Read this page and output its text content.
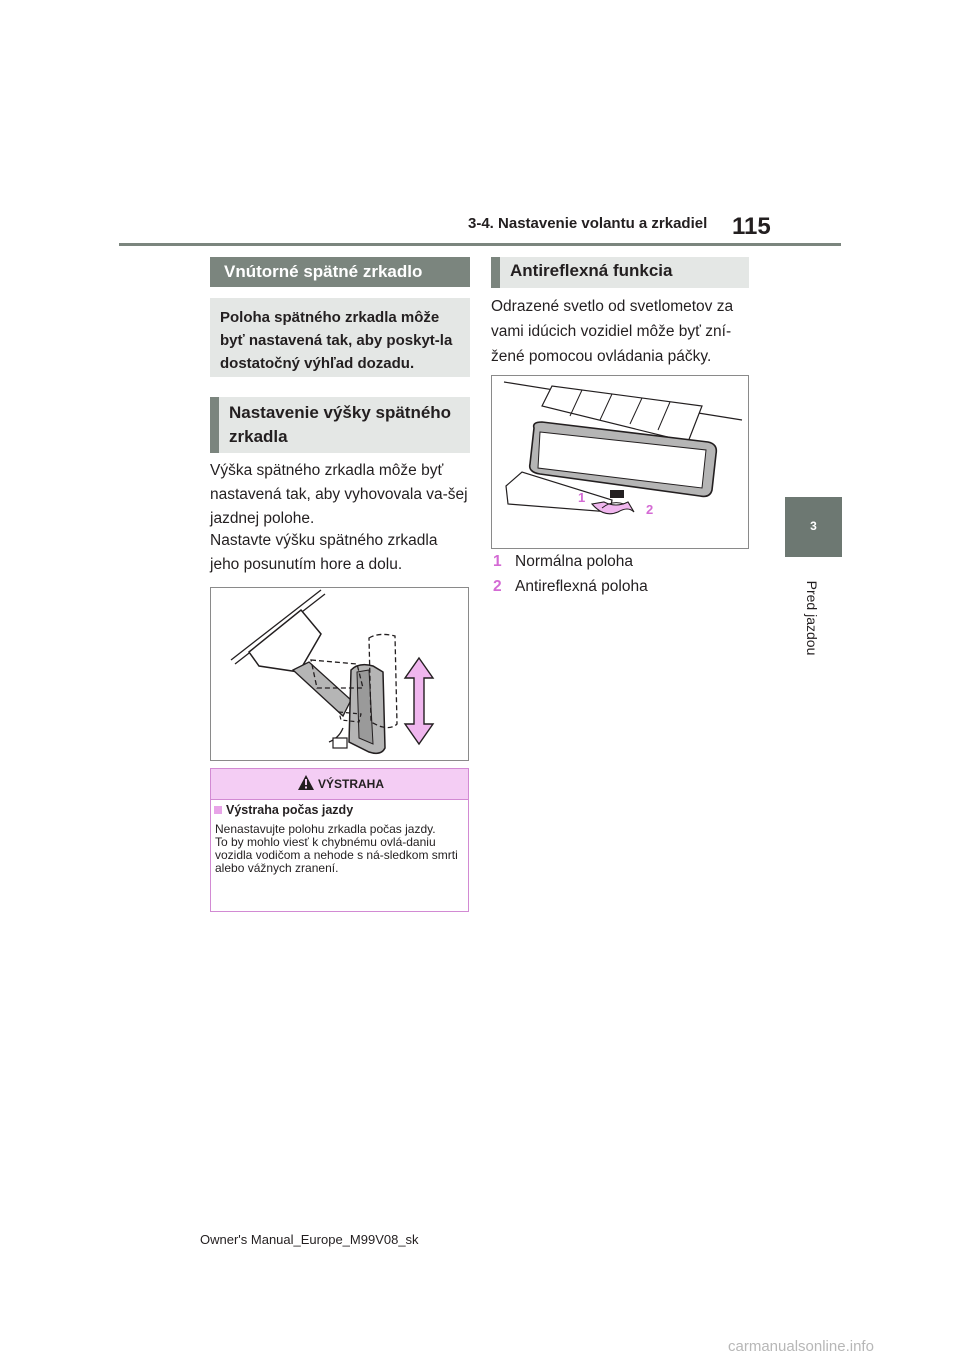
3-4. Nastavenie volantu a zrkadiel 115
3
Pred jazdou
Vnútorné spätné zrkadlo
Poloha spätného zrkadla môže byť nastavená tak, aby poskyt-la dostatočný výhľad dozadu.
Nastavenie výšky spätného zrkadla
Výška spätného zrkadla môže byť nastavená tak, aby vyhovovala va-šej jazdnej polohe.
Nastavte výšku spätného zrkadla jeho posunutím hore a dolu.
VÝSTRAHA
Výstraha počas jazdy
Nenastavujte polohu zrkadla počas jazdy.
To by mohlo viesť k chybnému ovlá-daniu vozidla vodičom a nehode s ná-sledkom smrti alebo vážnych zranení.
Antireflexná funkcia
Odrazené svetlo od svetlometov za vami idúcich vozidiel môže byť zní-žené pomocou ovládania páčky.
1
2
1 Normálna poloha
2 Antireflexná poloha
Owner's Manual_Europe_M99V08_sk
carmanualsonline.info
